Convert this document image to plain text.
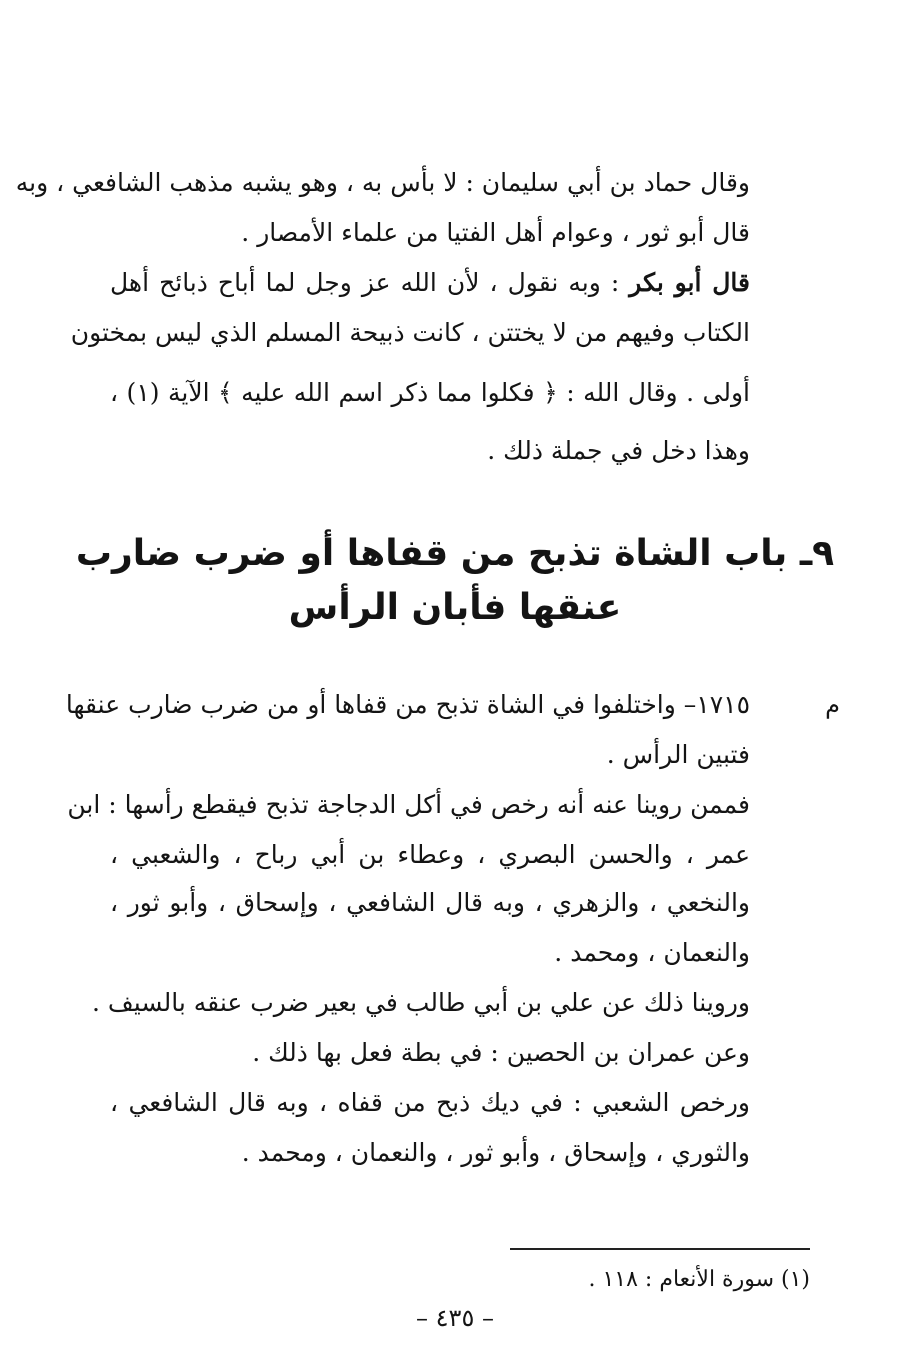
وقال حماد بن أبي سليمان : لا بأس به ، وهو يشبه مذهب الشافعي ، وبه
قال أبو ثور ، وعوام أهل الفتيا من علماء الأمصار .
قال أبو بكر : وبه نقول ، لأن الله عز وجل لما أباح ذبائح أهل
الكتاب وفيهم من لا يختتن ، كانت ذبيحة المسلم الذي ليس بمختون
أولى . وقال الله : ﴿ فكلوا مما ذكر اسم الله عليه ﴾ الآية (١) ،
وهذا دخل في جملة ذلك .
٩ـ باب الشاة تذبح من قفاها أو ضرب ضارب
عنقها فأبان الرأس
م
١٧١٥– واختلفوا في الشاة تذبح من قفاها أو من ضرب ضارب عنقها
فتبين الرأس .
فممن روينا عنه أنه رخص في أكل الدجاجة تذبح فيقطع رأسها : ابن
عمر ، والحسن البصري ، وعطاء بن أبي رباح ، والشعبي ،
والنخعي ، والزهري ، وبه قال الشافعي ، وإسحاق ، وأبو ثور ،
والنعمان ، ومحمد .
وروينا ذلك عن علي بن أبي طالب في بعير ضرب عنقه بالسيف .
وعن عمران بن الحصين : في بطة فعل بها ذلك .
ورخص الشعبي : في ديك ذبح من قفاه ، وبه قال الشافعي ،
والثوري ، وإسحاق ، وأبو ثور ، والنعمان ، ومحمد .
(١) سورة الأنعام : ١١٨ .
– ٤٣٥ –
